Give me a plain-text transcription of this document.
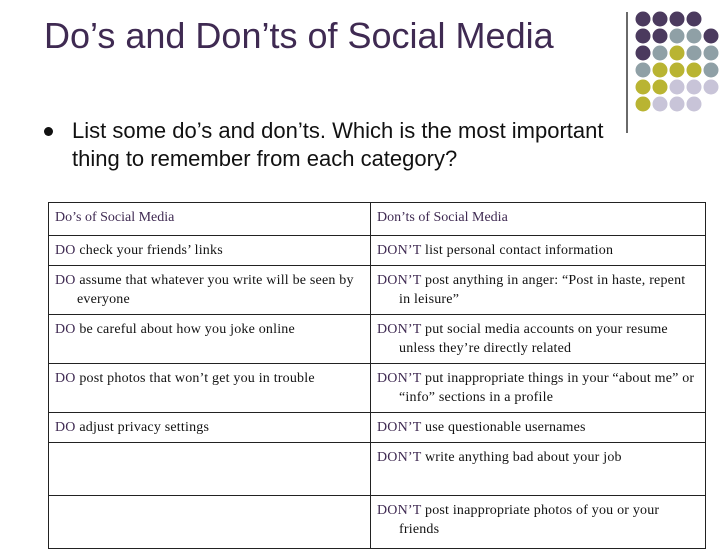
Do’s and Don’ts of Social Media
List some do’s and don’ts. Which is the most important thing to remember from each category?
Do’s of Social Media	Don’ts of Social Media

DO check your friends’ links	DON’T list personal contact information

DO assume that whatever you write will be seen by everyone	DON’T post anything in anger: “Post in haste, repent in leisure”

DO be careful about how you joke online	DON’T put social media accounts on your resume unless they’re directly related

DO post photos that won’t get you in trouble	DON’T put inappropriate things in your “about me” or “info” sections in a profile

DO adjust privacy settings	DON’T use questionable usernames

	DON’T write anything bad about your job

	DON’T post inappropriate photos of you or your friends
